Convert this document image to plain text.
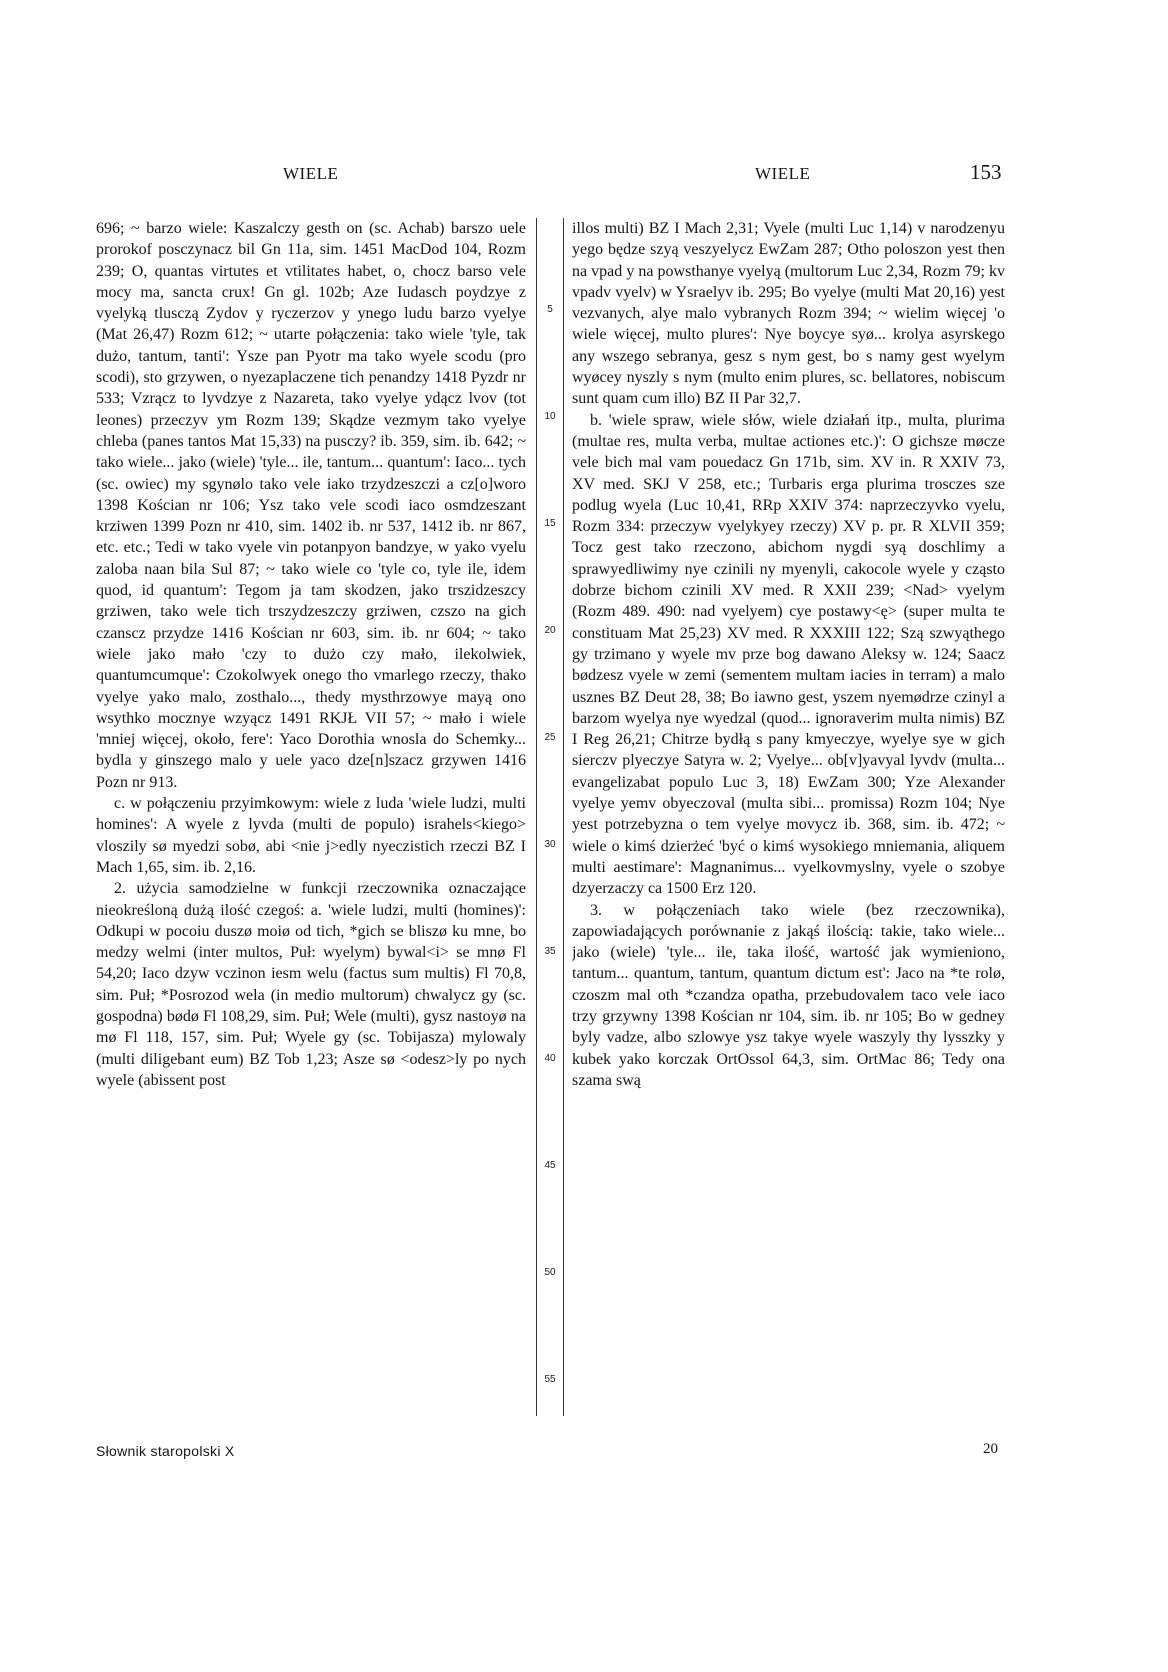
WIELE	WIELE	153

696; ~ barzo wiele: Kaszalczy gesth on (sc. Achab) barszo uele prorokof posczynacz bil Gn 11a, sim. 1451 MacDod 104, Rozm 239; O, quantas virtutes et vtilitates habet, o, chocz barso vele mocy ma, sancta crux! Gn gl. 102b; Aze Iudasch poydzye z vyelyką tlusczą Zydov y ryczerzov y ynego ludu barzo vyelye (Mat 26,47) Rozm 612; ~ utarte połączenia: tako wiele 'tyle, tak dużo, tantum, tanti': Ysze pan Pyotr ma tako wyele scodu (pro scodi), sto grzywen, o nyezaplaczene tich penandzy 1418 Pyzdr nr 533; Vzrącz to lyvdzye z Nazareta, tako vyelye ydącz lvov (tot leones) przeczyv ym Rozm 139; Skądze vezmym tako vyelye chleba (panes tantos Mat 15,33) na pusczy? ib. 359, sim. ib. 642; ~ tako wiele... jako (wiele) 'tyle... ile, tantum... quantum': Iaco... tych (sc. owiec) my sgynølo tako vele iako trzydzeszczi a cz[o]woro 1398 Kościan nr 106; Ysz tako vele scodi iaco osmdzeszant krziwen 1399 Pozn nr 410, sim. 1402 ib. nr 537, 1412 ib. nr 867, etc. etc.; Tedi w tako vyele vin potanpyon bandzye, w yako vyelu zaloba naan bila Sul 87; ~ tako wiele co 'tyle co, tyle ile, idem quod, id quantum': Tegom ja tam skodzen, jako trszidzeszcy grziwen, tako wele tich trszydzeszczy grziwen, czszo na gich czanscz przydze 1416 Kościan nr 603, sim. ib. nr 604; ~ tako wiele jako mało 'czy to dużo czy mało, ilekolwiek, quantumcumque': Czokolwyek onego tho vmarlego rzeczy, thako vyelye yako malo, zosthalo..., thedy mysthrzowye mayą ono wsythko mocznye wzyącz 1491 RKJŁ VII 57; ~ mało i wiele 'mniej więcej, około, fere': Yaco Dorothia wnosla do Schemky... bydla y ginszego malo y uele yaco dze[n]szacz grzywen 1416 Pozn nr 913.

c. w połączeniu przyimkowym: wiele z luda 'wiele ludzi, multi homines': A wyele z lyvda (multi de populo) israhels<kiego> vloszily sø myedzi sobø, abi <nie j>edly nyeczistich rzeczi BZ I Mach 1,65, sim. ib. 2,16.

2. użycia samodzielne w funkcji rzeczownika oznaczające nieokreśloną dużą ilość czegoś: a. 'wiele ludzi, multi (homines)': Odkupi w pocoiu duszø moiø od tich, *gich se bliszø ku mne, bo medzy welmi (inter multos, Puł: wyelym) bywal<i> se mnø Fl 54,20; Iaco dzyw vczinon iesm welu (factus sum multis) Fl 70,8, sim. Puł; *Posrozod wela (in medio multorum) chwalycz gy (sc. gospodna) bødø Fl 108,29, sim. Puł; Wele (multi), gysz nastoyø na mø Fl 118, 157, sim. Puł; Wyele gy (sc. Tobijasza) mylowaly (multi diligebant eum) BZ Tob 1,23; Asze sø <odesz>ly po nych wyele (abissent post

5
10
15
20
25
30
35
40
45
50
55

illos multi) BZ I Mach 2,31; Vyele (multi Luc 1,14) v narodzenyu yego będze szyą veszyelycz EwZam 287; Otho poloszon yest then na vpad y na powsthanye vyelyą (multorum Luc 2,34, Rozm 79; kv vpadv vyelv) w Ysraelyv ib. 295; Bo vyelye (multi Mat 20,16) yest vezvanych, alye malo vybranych Rozm 394; ~ wielim więcej 'o wiele więcej, multo plures': Nye boycye syø... krolya asyrskego any wszego sebranya, gesz s nym gest, bo s namy gest wyelym wyøcey nyszly s nym (multo enim plures, sc. bellatores, nobiscum sunt quam cum illo) BZ II Par 32,7.

b. 'wiele spraw, wiele słów, wiele działań itp., multa, plurima (multae res, multa verba, multae actiones etc.)': O gichsze møcze vele bich mal vam pouedacz Gn 171b, sim. XV in. R XXIV 73, XV med. SKJ V 258, etc.; Turbaris erga plurima trosczes sze podlug wyela (Luc 10,41, RRp XXIV 374: naprzeczyvko vyelu, Rozm 334: przeczyw vyelykyey rzeczy) XV p. pr. R XLVII 359; Tocz gest tako rzeczono, abichom nygdi syą doschlimy a sprawyedliwimy nye czinili ny myenyli, cakocole wyele y cząsto dobrze bichom czinili XV med. R XXII 239; <Nad> vyelym (Rozm 489. 490: nad vyelyem) cye postawy<ę> (super multa te constituam Mat 25,23) XV med. R XXXIII 122; Szą szwyąthego gy trzimano y wyele mv prze bog dawano Aleksy w. 124; Saacz bødzesz vyele w zemi (sementem multam iacies in terram) a malo usznes BZ Deut 28, 38; Bo iawno gest, yszem nyemødrze czinyl a barzom wyelya nye wyedzal (quod... ignoraverim multa nimis) BZ I Reg 26,21; Chitrze bydłą s pany kmyeczye, wyelye sye w gich sierczv plyeczye Satyra w. 2; Vyelye... ob[v]yavyal lyvdv (multa... evangelizabat populo Luc 3, 18) EwZam 300; Yze Alexander vyelye yemv obyeczoval (multa sibi... promissa) Rozm 104; Nye yest potrzebyzna o tem vyelye movycz ib. 368, sim. ib. 472; ~ wiele o kimś dzierżeć 'być o kimś wysokiego mniemania, aliquem multi aestimare': Magnanimus... vyelkovmyslny, vyele o szobye dzyerzaczy ca 1500 Erz 120.

3. w połączeniach tako wiele (bez rzeczownika), zapowiadających porównanie z jakąś ilością: takie, tako wiele... jako (wiele) 'tyle... ile, taka ilość, wartość jak wymieniono, tantum... quantum, tantum, quantum dictum est': Jaco na *te rolø, czoszm mal oth *czandza opatha, przebudovalem taco vele iaco trzy grzywny 1398 Kościan nr 104, sim. ib. nr 105; Bo w gedney byly vadze, albo szlowye ysz takye wyele waszyly thy lysszky y kubek yako korczak OrtOssol 64,3, sim. OrtMac 86; Tedy ona szama swą

Słownik staropolski X	20
